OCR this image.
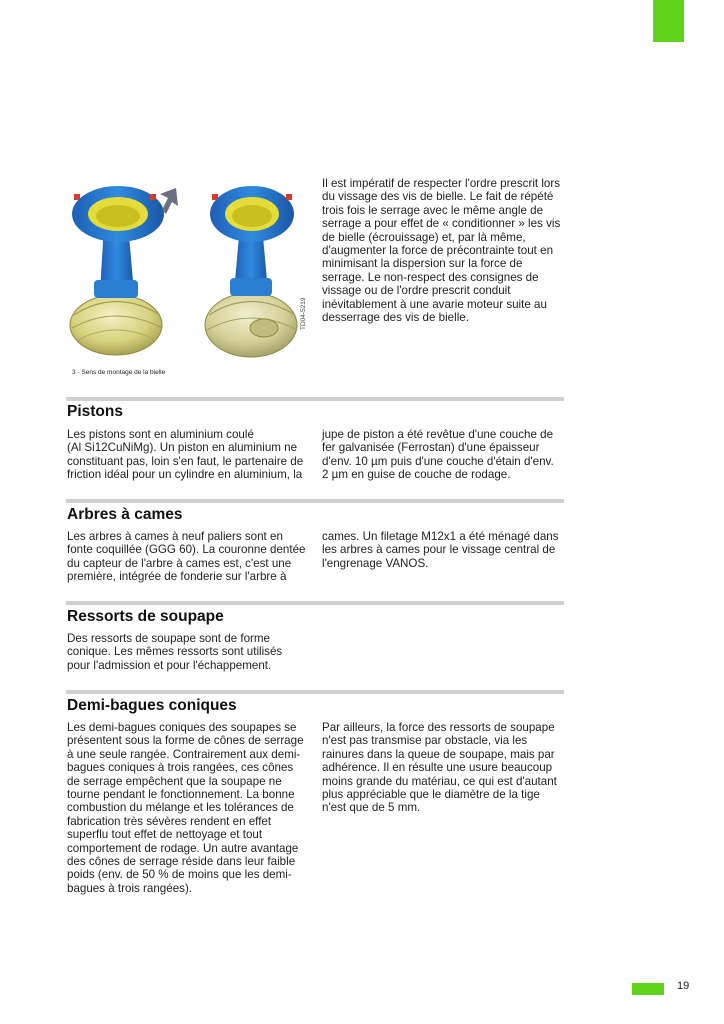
TD04-5219
3 - Sens de montage de la bielle

Il est impératif de respecter l'ordre prescrit lors
du vissage des vis de bielle. Le fait de répété
trois fois le serrage avec le même angle de
serrage a pour effet de « conditionner » les vis
de bielle (écrouissage) et, par là même,
d'augmenter la force de précontrainte tout en
minimisant la dispersion sur la force de
serrage. Le non-respect des consignes de
vissage ou de l'ordre prescrit conduit
inévitablement à une avarie moteur suite au
desserrage des vis de bielle.

Pistons

Les pistons sont en aluminium coulé
(Al Si12CuNiMg). Un piston en aluminium ne
constituant pas, loin s'en faut, le partenaire de
friction idéal pour un cylindre en aluminium, la

jupe de piston a été revêtue d'une couche de
fer galvanisée (Ferrostan) d'une épaisseur
d'env. 10 µm puis d'une couche d'étain d'env.
2 µm en guise de couche de rodage.

Arbres à cames

Les arbres à cames à neuf paliers sont en
fonte coquillée (GGG 60). La couronne dentée
du capteur de l'arbre à cames est, c'est une
première, intégrée de fonderie sur l'arbre à

cames. Un filetage M12x1 a été ménagé dans
les arbres à cames pour le vissage central de
l'engrenage VANOS.

Ressorts de soupape

Des ressorts de soupape sont de forme
conique. Les mêmes ressorts sont utilisés
pour l'admission et pour l'échappement.

Demi-bagues coniques

Les demi-bagues coniques des soupapes se
présentent sous la forme de cônes de serrage
à une seule rangée. Contrairement aux demi-
bagues coniques à trois rangées, ces cônes
de serrage empêchent que la soupape ne
tourne pendant le fonctionnement. La bonne
combustion du mélange et les tolérances de
fabrication très sévères rendent en effet
superflu tout effet de nettoyage et tout
comportement de rodage. Un autre avantage
des cônes de serrage réside dans leur faible
poids (env. de 50 % de moins que les demi-
bagues à trois rangées).

Par ailleurs, la force des ressorts de soupape
n'est pas transmise par obstacle, via les
rainures dans la queue de soupape, mais par
adhérence. Il en résulte une usure beaucoup
moins grande du matériau, ce qui est d'autant
plus appréciable que le diamètre de la tige
n'est que de 5 mm.

19
